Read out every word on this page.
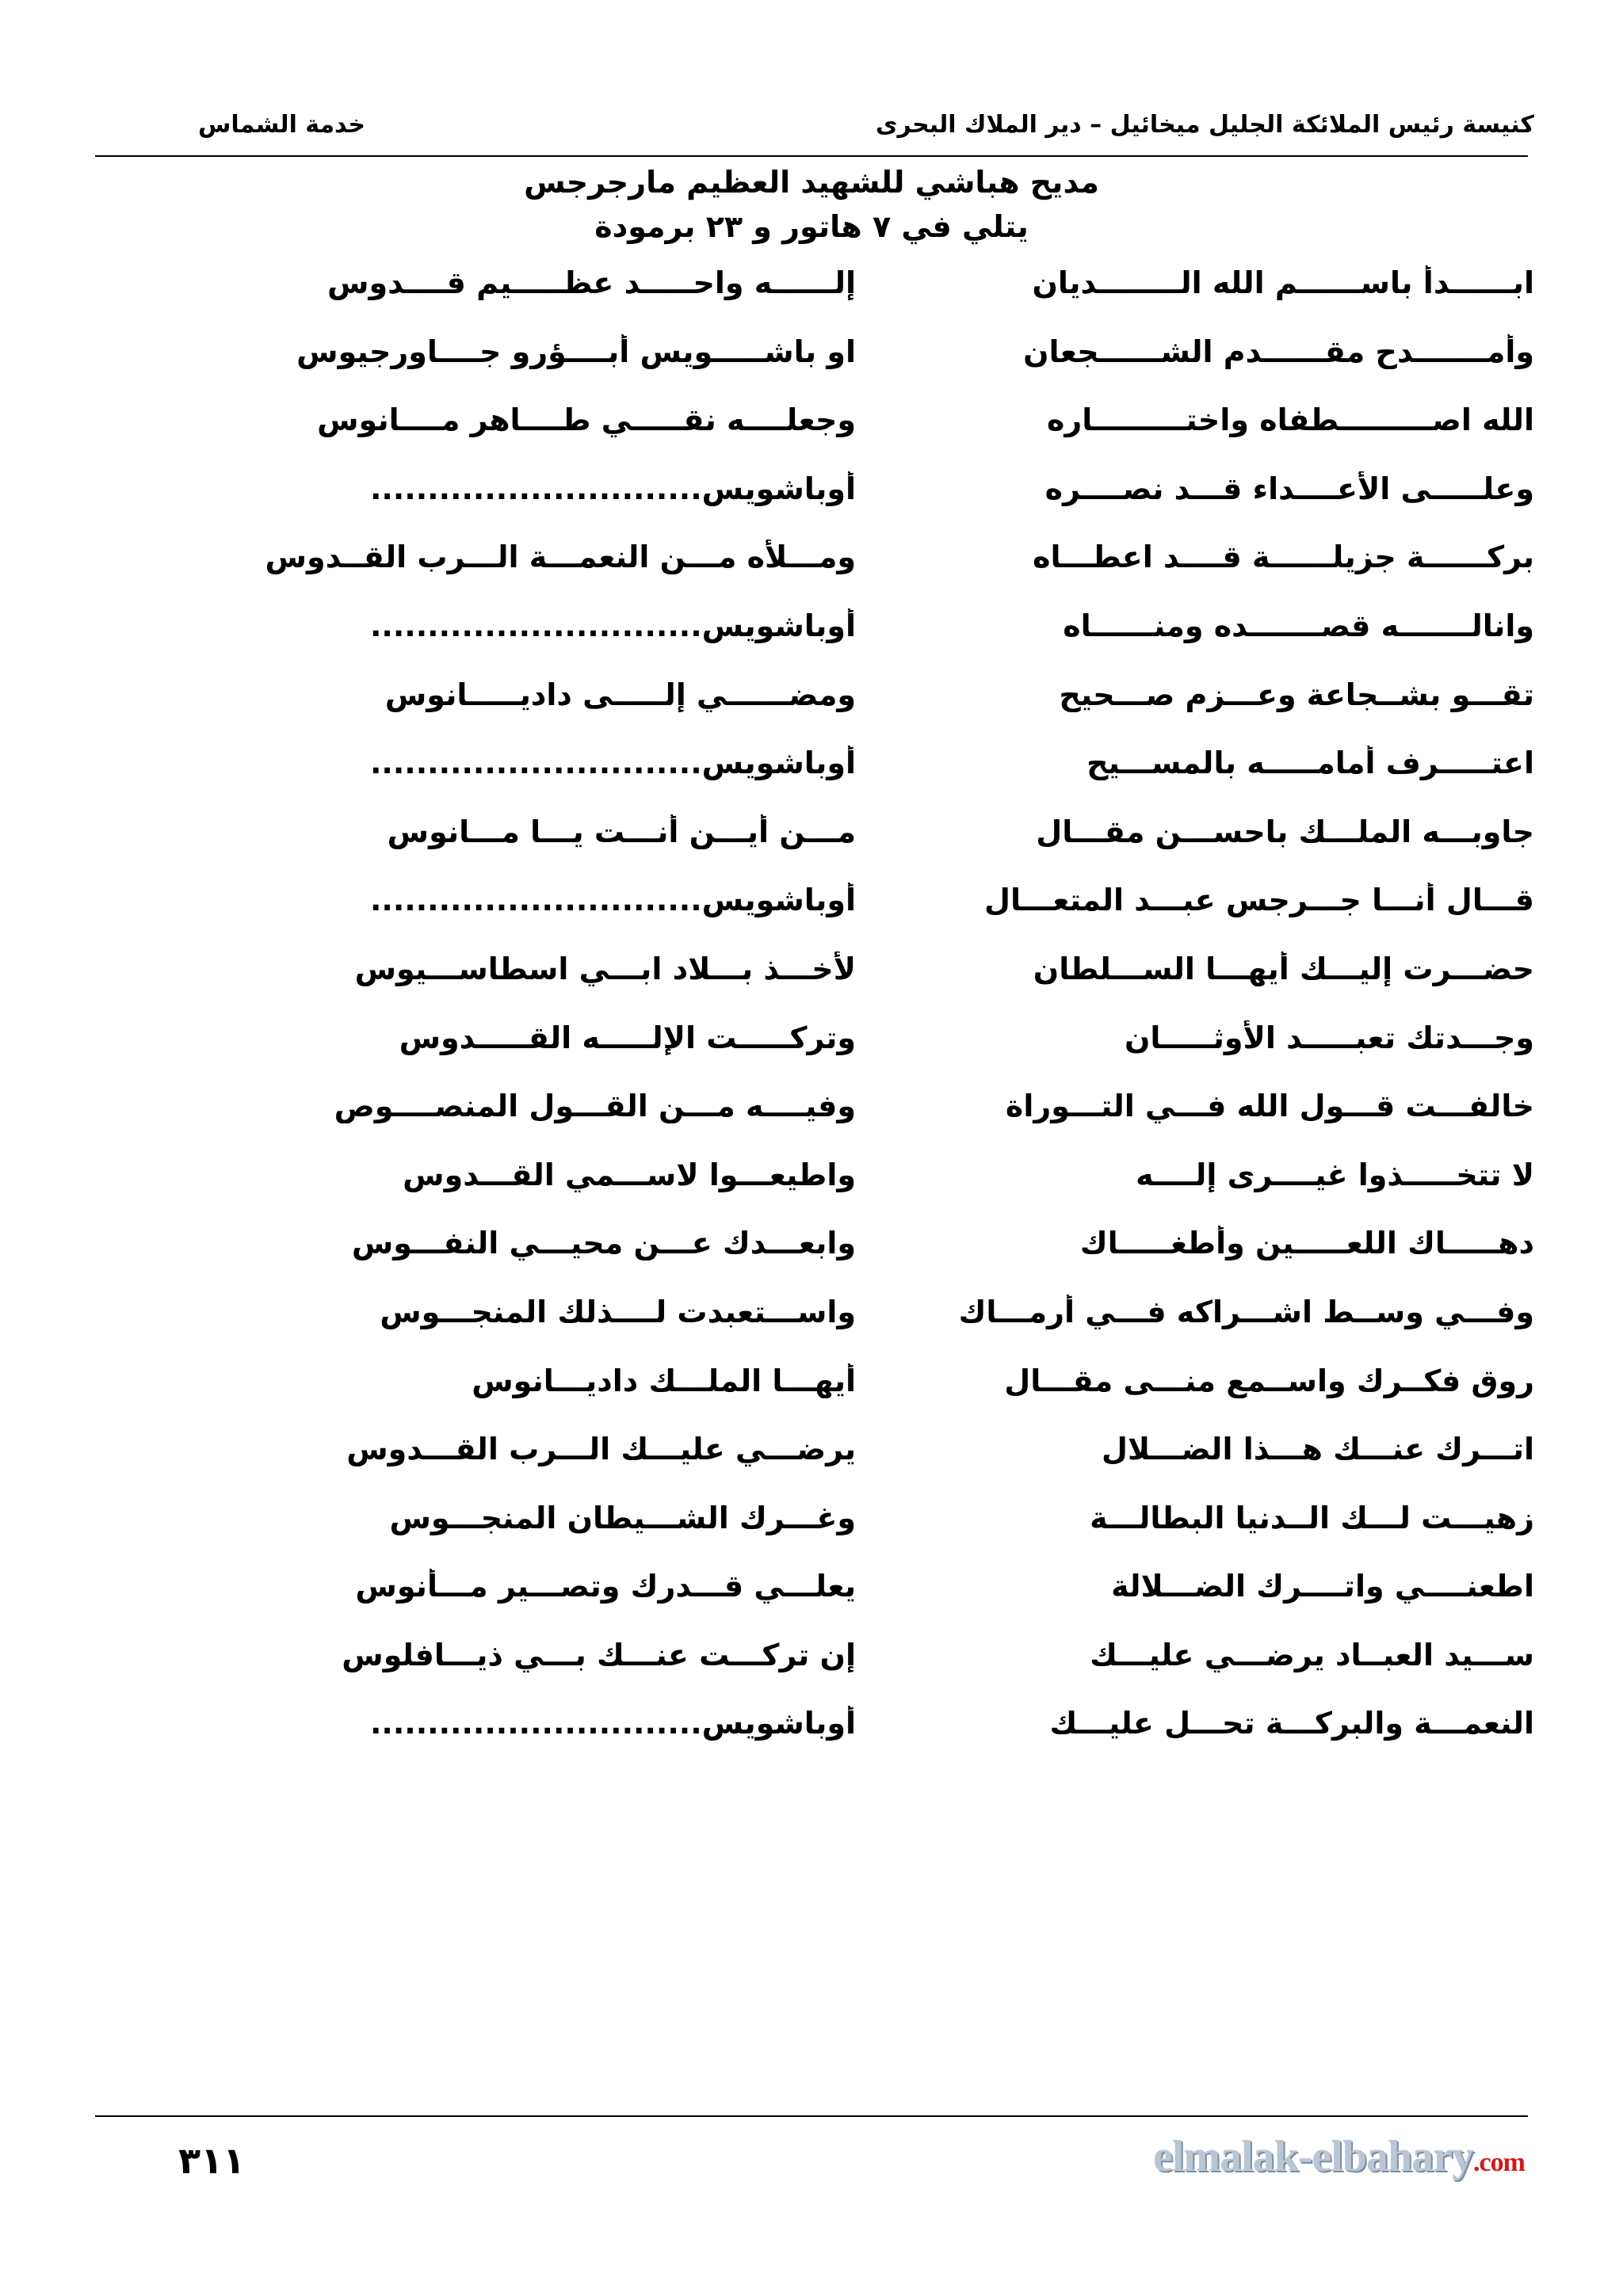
كنيسة رئيس الملائكة الجليل ميخائيل – دير الملاك البحرى
خدمة الشماس
مديح هباشي للشهيد العظيم مارجرجس
يتلي في ٧ هاتور و ٢٣ برمودة
ابــــــدأ باســــــم الله الــــــــديان
إلــــــه واحـــــد عظـــــيم قــــدوس
وأمـــــــدح مقــــــدم الشــــــجعان
او باشـــــويس أبــــؤرو جــــاورجيوس
الله اصـــــــــطفاه واختـــــــــاره
وجعلــــه نقـــــي طــــاهر مــــانوس
وعلـــــى الأعــــداء قـــد نصــــره
أوباشويس.............................
بركــــــة جزيلــــــة قــــد اعطـــاه
ومـــلأه مـــن النعمـــة الـــرب القــدوس
وانالـــــــه قصـــــــده ومنــــــاه
أوباشويس.............................
تقـــو بشــجاعة وعـــزم صـــحيح
ومضــــــي إلـــــى داديـــــانوس
اعتـــــرف أمامـــــه بالمســـيح
أوباشويس.............................
جاوبـــه الملـــك باحســـن مقـــال
مـــن أيـــن أنـــت يـــا مـــانوس
قـــال أنـــا جـــرجس عبـــد المتعـــال
أوباشويس.............................
حضـــرت إليـــك أيهـــا الســـلطان
لأخـــذ بـــلاد ابـــي اسطاســـيوس
وجـــدتك تعبـــــد الأوثـــــان
وتركـــــت الإلـــــه القـــــدوس
خالفـــت قـــول الله فـــي التـــوراة
وفيــــه مـــن القـــول المنصــــوص
لا تتخـــــذوا غيــــرى إلــــه
واطيعـــوا لاســـمي القـــدوس
دهـــــاك اللعـــــين وأطغـــــاك
وابعـــدك عـــن محيـــي النفـــوس
وفـــي وســط اشـــراكه فـــي أرمـــاك
واســـتعبدت لــــذلك المنجـــوس
روق فكــرك واســمع منـــى مقـــال
أيهـــا الملـــك داديـــانوس
اتـــرك عنـــك هـــذا الضـــلال
يرضـــي عليـــك الـــرب القـــدوس
زهيـــت لـــك الــدنيا البطالـــة
وغـــرك الشـــيطان المنجـــوس
اطعنــــي واتــــرك الضـــلالة
يعلـــي قـــدرك وتصـــير مـــأنوس
ســـيد العبــاد يرضـــي عليـــك
إن تركـــت عنـــك بـــي ذيـــافلوس
النعمـــة والبركـــة تحـــل عليـــك
أوباشويس.............................
٣١١	elmalak-elbahary.com
